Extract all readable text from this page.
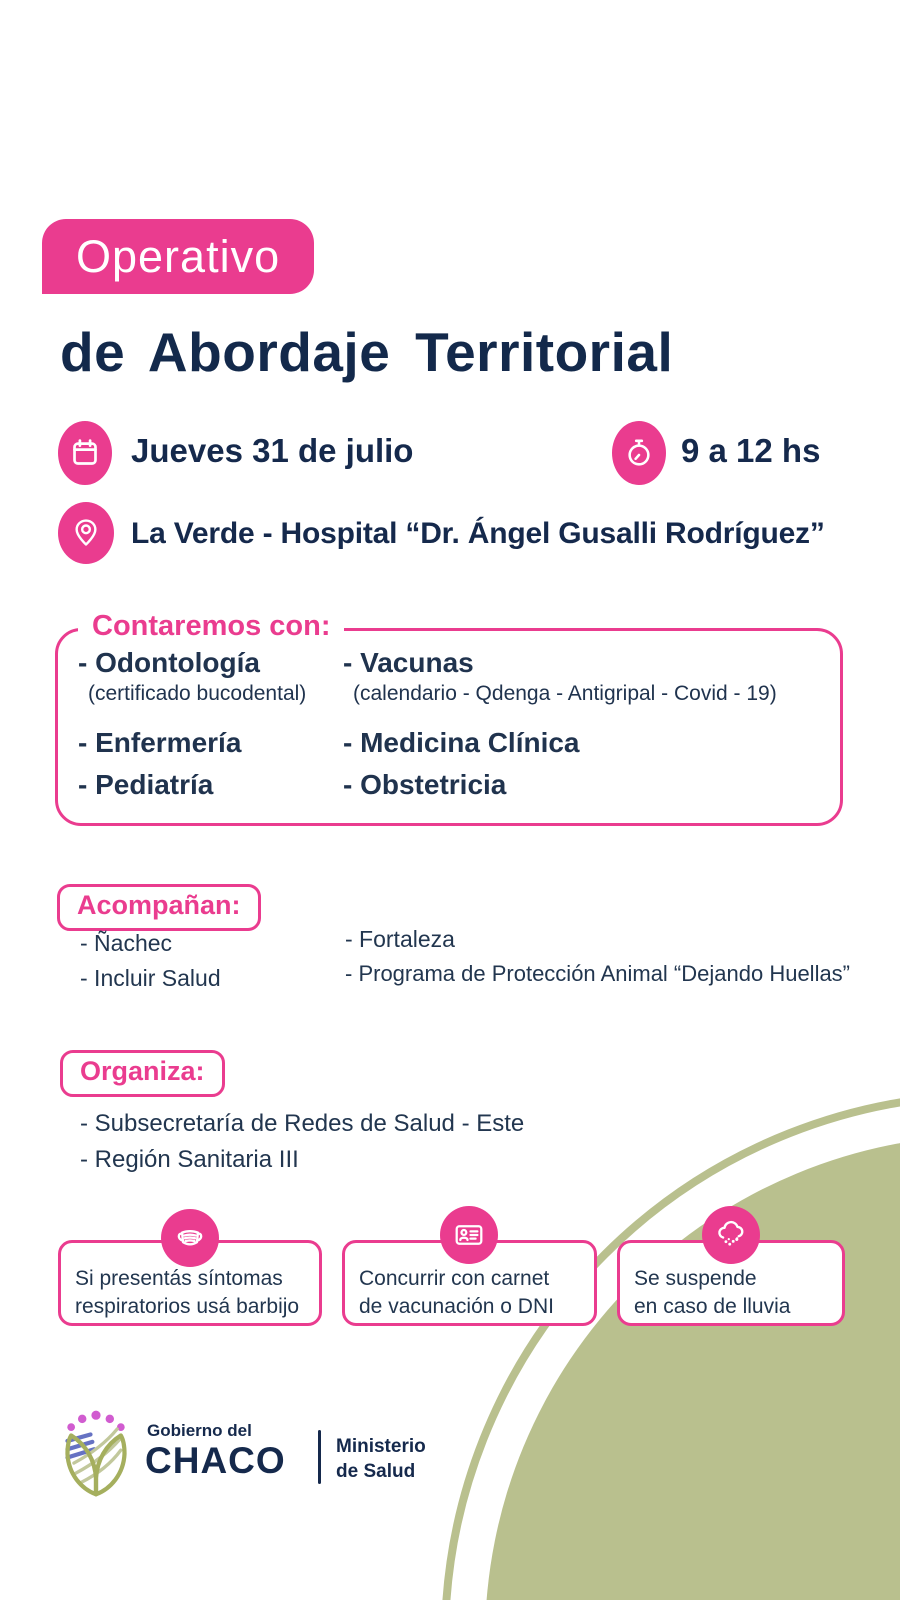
Operativo
de Abordaje Territorial
Jueves 31 de julio	9 a 12 hs
La Verde - Hospital “Dr. Ángel Gusalli Rodríguez”
Contaremos con:
- Odontología
(certificado bucodental)
- Enfermería
- Pediatría
- Vacunas
(calendario - Qdenga - Antigripal - Covid - 19)
- Medicina Clínica
- Obstetricia
Acompañan:
- Ñachec
- Incluir Salud
- Fortaleza
- Programa de Protección Animal “Dejando Huellas”
Organiza:
- Subsecretaría de Redes de Salud - Este
- Región Sanitaria III
Si presentás síntomas
respiratorios usá barbijo
Concurrir con carnet
de vacunación o DNI
Se suspende
en caso de lluvia
Gobierno del
CHACO	Ministerio
de Salud
